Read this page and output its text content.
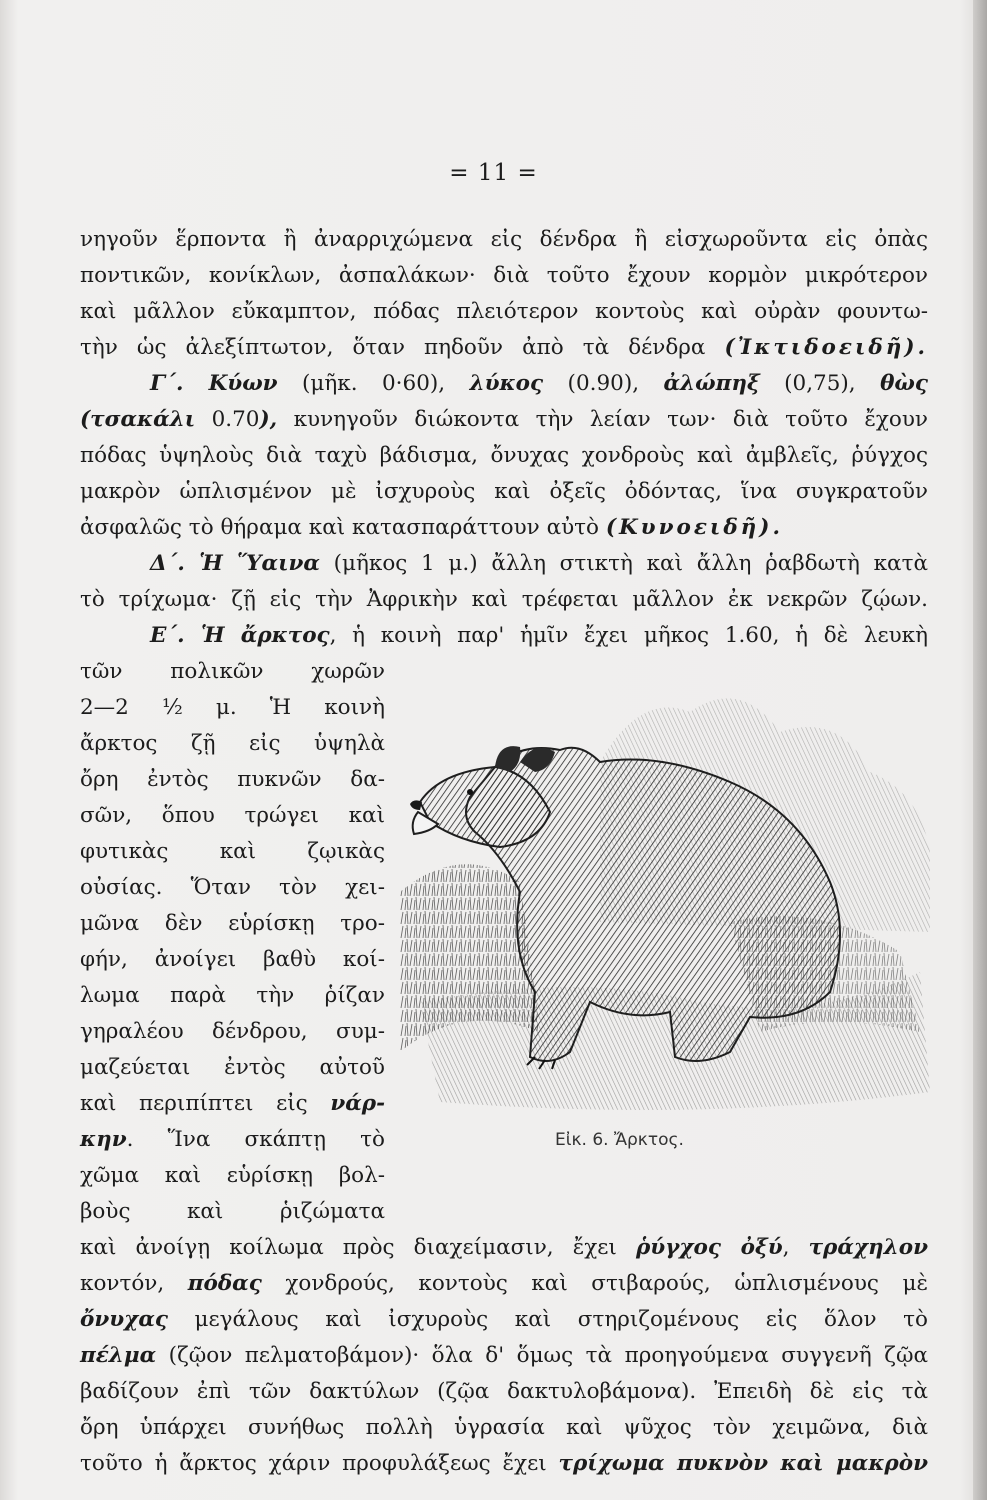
= 11 =
νηγοῦν ἕρποντα ἢ ἀναρριχώμενα εἰς δένδρα ἢ εἰσχωροῦντα εἰς ὀπὰς
ποντικῶν, κονίκλων, ἀσπαλάκων· διὰ τοῦτο ἔχουν κορμὸν μικρότερον
καὶ μᾶλλον εὔκαμπτον, πόδας πλειότερον κοντοὺς καὶ οὐρὰν φουντω-
τὴν ὡς ἀλεξίπτωτον, ὅταν πηδοῦν ἀπὸ τὰ δένδρα (Ἰκτιδοειδῆ).
Γ΄. Κύων (μῆκ. 0·60), λύκος (0.90), ἀλώπηξ (0,75), θὼς
(τσακάλι 0.70), κυνηγοῦν διώκοντα τὴν λείαν των· διὰ τοῦτο ἔχουν
πόδας ὑψηλοὺς διὰ ταχὺ βάδισμα, ὄνυχας χονδροὺς καὶ ἀμβλεῖς, ῥύγχος
μακρὸν ὡπλισμένον μὲ ἰσχυροὺς καὶ ὀξεῖς ὀδόντας, ἵνα συγκρατοῦν
ἀσφαλῶς τὸ θήραμα καὶ κατασπαράττουν αὐτὸ (Κυνοειδῆ).
Δ΄. Ἡ Ὕαινα (μῆκος 1 μ.) ἄλλη στικτὴ καὶ ἄλλη ῥαβδωτὴ κατὰ
τὸ τρίχωμα· ζῇ εἰς τὴν Ἀφρικὴν καὶ τρέφεται μᾶλλον ἐκ νεκρῶν ζῴων.
Ε΄. Ἡ ἄρκτος, ἡ κοινὴ παρ' ἡμῖν ἔχει μῆκος 1.60, ἡ δὲ λευκὴ
τῶν πολικῶν χωρῶν
2—2 ½ μ. Ἡ κοινὴ
ἄρκτος ζῇ εἰς ὑψηλὰ
ὄρη ἐντὸς πυκνῶν δα-
σῶν, ὅπου τρώγει καὶ
φυτικὰς καὶ ζῳικὰς
οὐσίας. Ὅταν τὸν χει-
μῶνα δὲν εὑρίσκῃ τρο-
φήν, ἀνοίγει βαθὺ κοί-
λωμα παρὰ τὴν ῥίζαν
γηραλέου δένδρου, συμ-
μαζεύεται ἐντὸς αὐτοῦ
καὶ περιπίπτει εἰς νάρ-
κην. Ἵνα σκάπτῃ τὸ
χῶμα καὶ εὑρίσκῃ βολ-
βοὺς καὶ ῥιζώματα
καὶ ἀνοίγῃ κοίλωμα πρὸς διαχείμασιν, ἔχει ῥύγχος ὀξύ, τράχηλον
κοντόν, πόδας χονδρούς, κοντοὺς καὶ στιβαρούς, ὡπλισμένους μὲ
ὄνυχας μεγάλους καὶ ἰσχυροὺς καὶ στηριζομένους εἰς ὅλον τὸ
πέλμα (ζῷον πελματοβάμον)· ὅλα δ' ὅμως τὰ προηγούμενα συγγενῆ ζῷα
βαδίζουν ἐπὶ τῶν δακτύλων (ζῷα δακτυλοβάμονα). Ἐπειδὴ δὲ εἰς τὰ
ὄρη ὑπάρχει συνήθως πολλὴ ὑγρασία καὶ ψῦχος τὸν χειμῶνα, διὰ
τοῦτο ἡ ἄρκτος χάριν προφυλάξεως ἔχει τρίχωμα πυκνὸν καὶ μακρὸν
Εἰκ. 6. Ἄρκτος.
